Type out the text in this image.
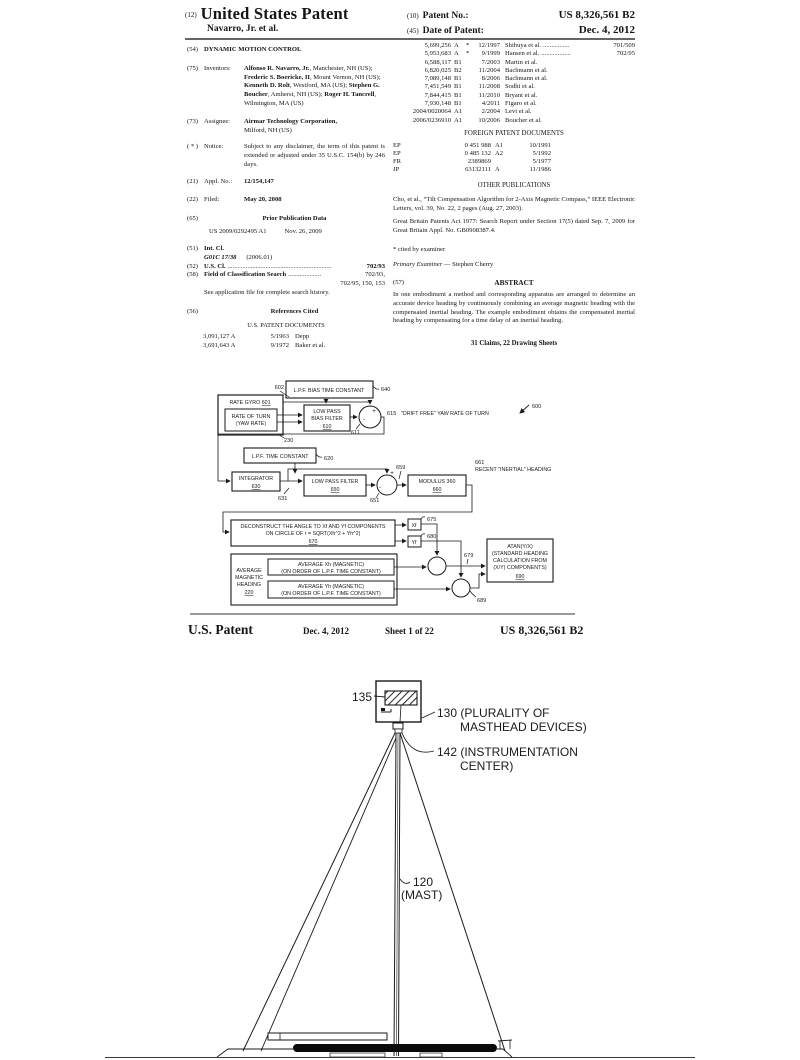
(12) United States Patent
Navarro, Jr. et al.
(10) Patent No.:	US 8,326,561 B2
(45) Date of Patent:	Dec. 4, 2012
(54) DYNAMIC MOTION CONTROL
(75) Inventors:	Alfonso R. Navarro, Jr., Manchester, NH (US); Frederic S. Boericke, II, Mount Vernon, NH (US); Kenneth D. Rolt, Westford, MA (US); Stephen G. Boucher, Amherst, NH (US); Roger H. Tancrell, Wilmington, MA (US)
(73) Assignee:	Airmar Technology Corporation,
Milford, NH (US)
( * ) Notice:	Subject to any disclaimer, the term of this patent is extended or adjusted under 35 U.S.C. 154(b) by 246 days.
(21) Appl. No.:	12/154,147
(22) Filed:	May 20, 2008
(65)	Prior Publication Data
US 2009/0292495 A1	Nov. 26, 2009
(51) Int. Cl.
G01C 17/38 (2006.01)
(52) U.S. Cl. ...............................................................	702/93
(58) Field of Classification Search ....................	702/93,
702/95, 150, 153
See application file for complete search history.
(56)	References Cited
U.S. PATENT DOCUMENTS
3,091,127 A	5/1963 Depp
3,691,643 A	9/1972 Baker et al.
5,699,256 A	*	12/1997 Shibuya et al. ................	701/509
5,953,683 A	*	9/1999 Hansen et al. ..................	702/95
6,588,117 B1	7/2003 Martin et al.
6,820,025 B2	11/2004 Bachmann et al.
7,089,148 B1	8/2006 Bachmann et al.
7,451,549 B1	11/2008 Sodhi et al.
7,844,415 B1	11/2010 Bryant et al.
7,930,148 B1	4/2011 Figaro et al.
2004/0020064 A1	2/2004 Levi et al.
2006/0236910 A1	10/2006 Boucher et al.
FOREIGN PATENT DOCUMENTS
EP	0 451 988 A1	10/1991
EP	0 485 132 A2	5/1992
FR	2389869	5/1977
JP	63132111 A	11/1986
OTHER PUBLICATIONS
Cho, et al., “Tilt Compensation Algorithm for 2-Axis Magnetic Compass,” IEEE Electronic Letters, vol. 39, No. 22, 2 pages (Aug. 27, 2003).
Great Britain Patents Act 1977: Search Report under Section 17(5) dated Sep. 7, 2009 for Great Britain Appl. No. GB0908387.4.
* cited by examiner
Primary Examiner — Stephen Cherry
(57)	ABSTRACT
In one embodiment a method and corresponding apparatus are arranged to determine an accurate device heading by continuously combining an average magnetic heading with the compensated inertial heading. The example embodiment obtains the compensated inertial heading by compensating for a time delay of an inertial heading.
31 Claims, 22 Drawing Sheets
602 L.P.F. BIAS TIME CONSTANT	640
RATE GYRO 601
RATE OF TURN
(YAW RATE)
230
LOW PASS
BIAS FILTER
610
+
-
611
615 "DRIFT FREE" YAW RATE OF TURN
600
L.P.F. TIME CONSTANT	620
INTEGRATOR
630
631
LOW PASS FILTER
650
+
-
651
MODULUS 360
660
659
661
RECENT "INERTIAL" HEADING
DECONSTRUCT THE ANGLE TO Xf AND Yf COMPONENTS
ON CIRCLE OF r = SQRT(Xh^2 + Yh^2)
670
Xf
675
Yf
680
AVERAGE
MAGNETIC
HEADING
220
AVERAGE Xh (MAGNETIC)
(ON ORDER OF L.P.F. TIME CONSTANT)
AVERAGE Yh (MAGNETIC)
(ON ORDER OF L.P.F. TIME CONSTANT)
679
689
ATAN(Y/X)
(STANDARD HEADING
CALCULATION FROM
(X/Y) COMPONENTS)
690
U.S. Patent	Dec. 4, 2012	Sheet 1 of 22	US 8,326,561 B2
135
130 (PLURALITY OF
MASTHEAD DEVICES)
142 (INSTRUMENTATION
CENTER)
120
(MAST)
